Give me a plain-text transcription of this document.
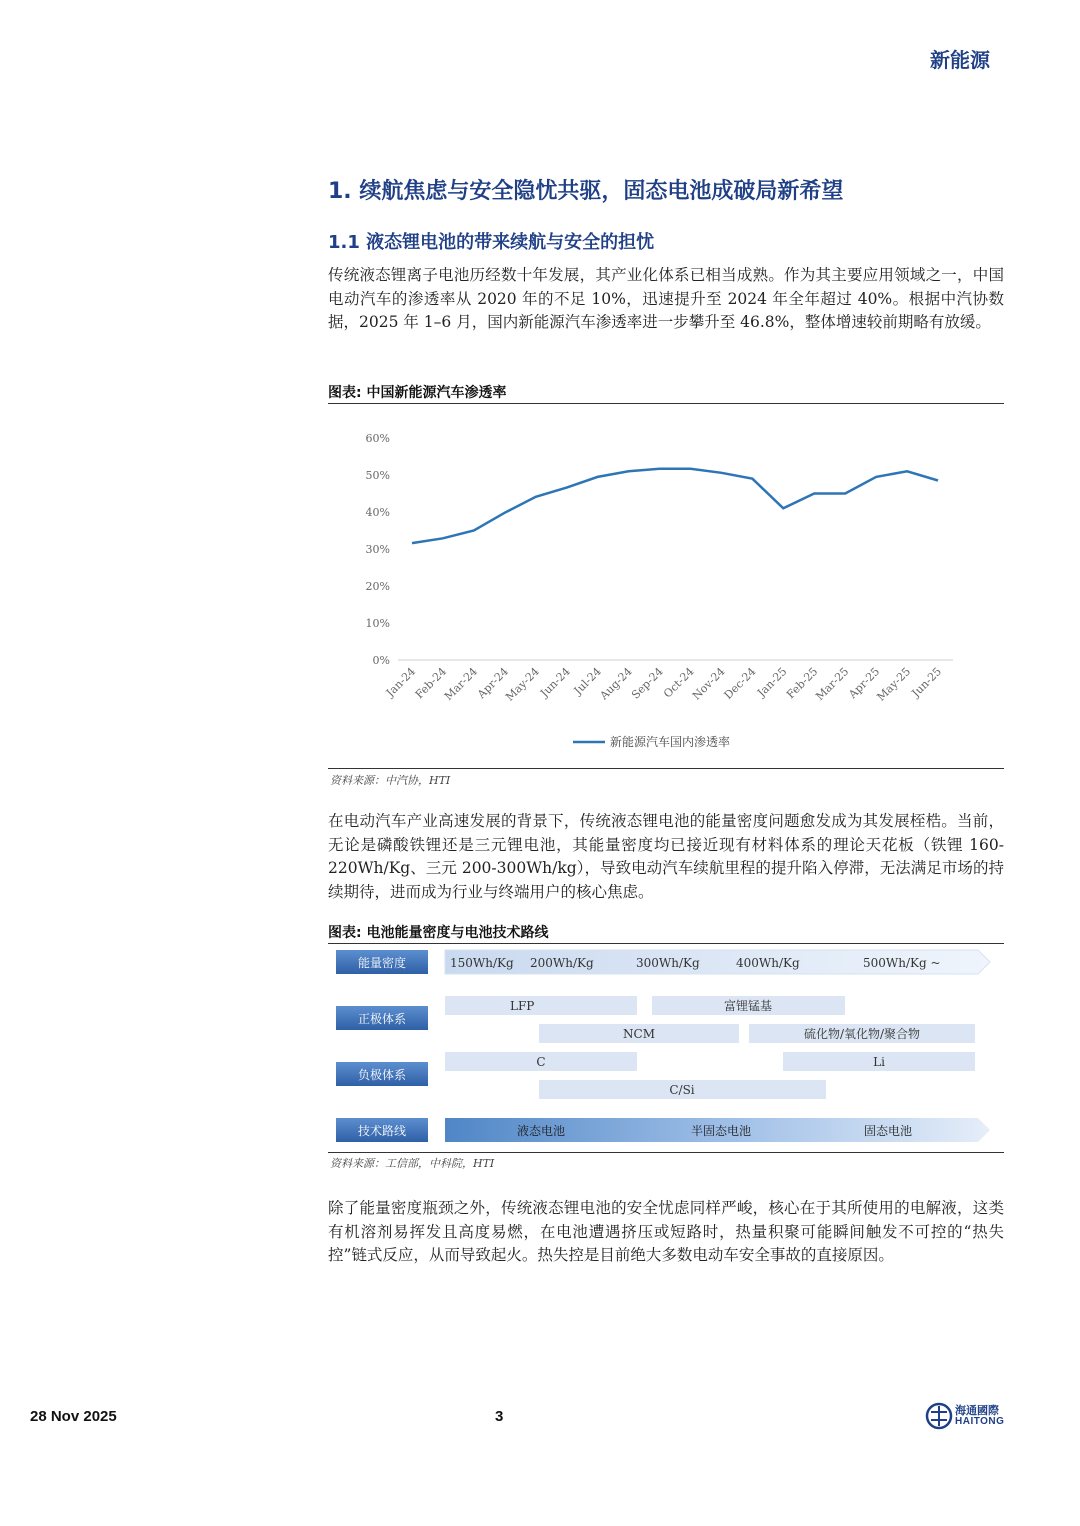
新能源
1. 续航焦虑与安全隐忧共驱，固态电池成破局新希望
1.1 液态锂电池的带来续航与安全的担忧
传统液态锂离子电池历经数十年发展，其产业化体系已相当成熟。作为其主要应用领域之一，中国电动汽车的渗透率从 2020 年的不足 10%，迅速提升至 2024 年全年超过 40%。根据中汽协数据，2025 年 1–6 月，国内新能源汽车渗透率进一步攀升至 46.8%，整体增速较前期略有放缓。
图表: 中国新能源汽车渗透率
0%
10%
20%
30%
40%
50%
60%
Jan-24
Feb-24
Mar-24
Apr-24
May-24
Jun-24
Jul-24
Aug-24
Sep-24
Oct-24
Nov-24
Dec-24
Jan-25
Feb-25
Mar-25
Apr-25
May-25
Jun-25
新能源汽车国内渗透率
资料来源：中汽协，HTI
在电动汽车产业高速发展的背景下，传统液态锂电池的能量密度问题愈发成为其发展桎梏。当前，无论是磷酸铁锂还是三元锂电池，其能量密度均已接近现有材料体系的理论天花板（铁锂 160-220Wh/Kg、三元 200-300Wh/kg），导致电动汽车续航里程的提升陷入停滞，无法满足市场的持续期待，进而成为行业与终端用户的核心焦虑。
图表: 电池能量密度与电池技术路线
能量密度	150Wh/Kg 200Wh/Kg	300Wh/Kg	400Wh/Kg	500Wh/Kg ~
正极体系
LFP	富锂锰基
NCM	硫化物/氧化物/聚合物
负极体系
C	Li
C/Si
技术路线	液态电池	半固态电池	固态电池
资料来源：工信部，中科院，HTI
除了能量密度瓶颈之外，传统液态锂电池的安全忧虑同样严峻，核心在于其所使用的电解液，这类有机溶剂易挥发且高度易燃，在电池遭遇挤压或短路时，热量积聚可能瞬间触发不可控的“热失控”链式反应，从而导致起火。热失控是目前绝大多数电动车安全事故的直接原因。
28 Nov 2025	3	海通國際
HAITONG
